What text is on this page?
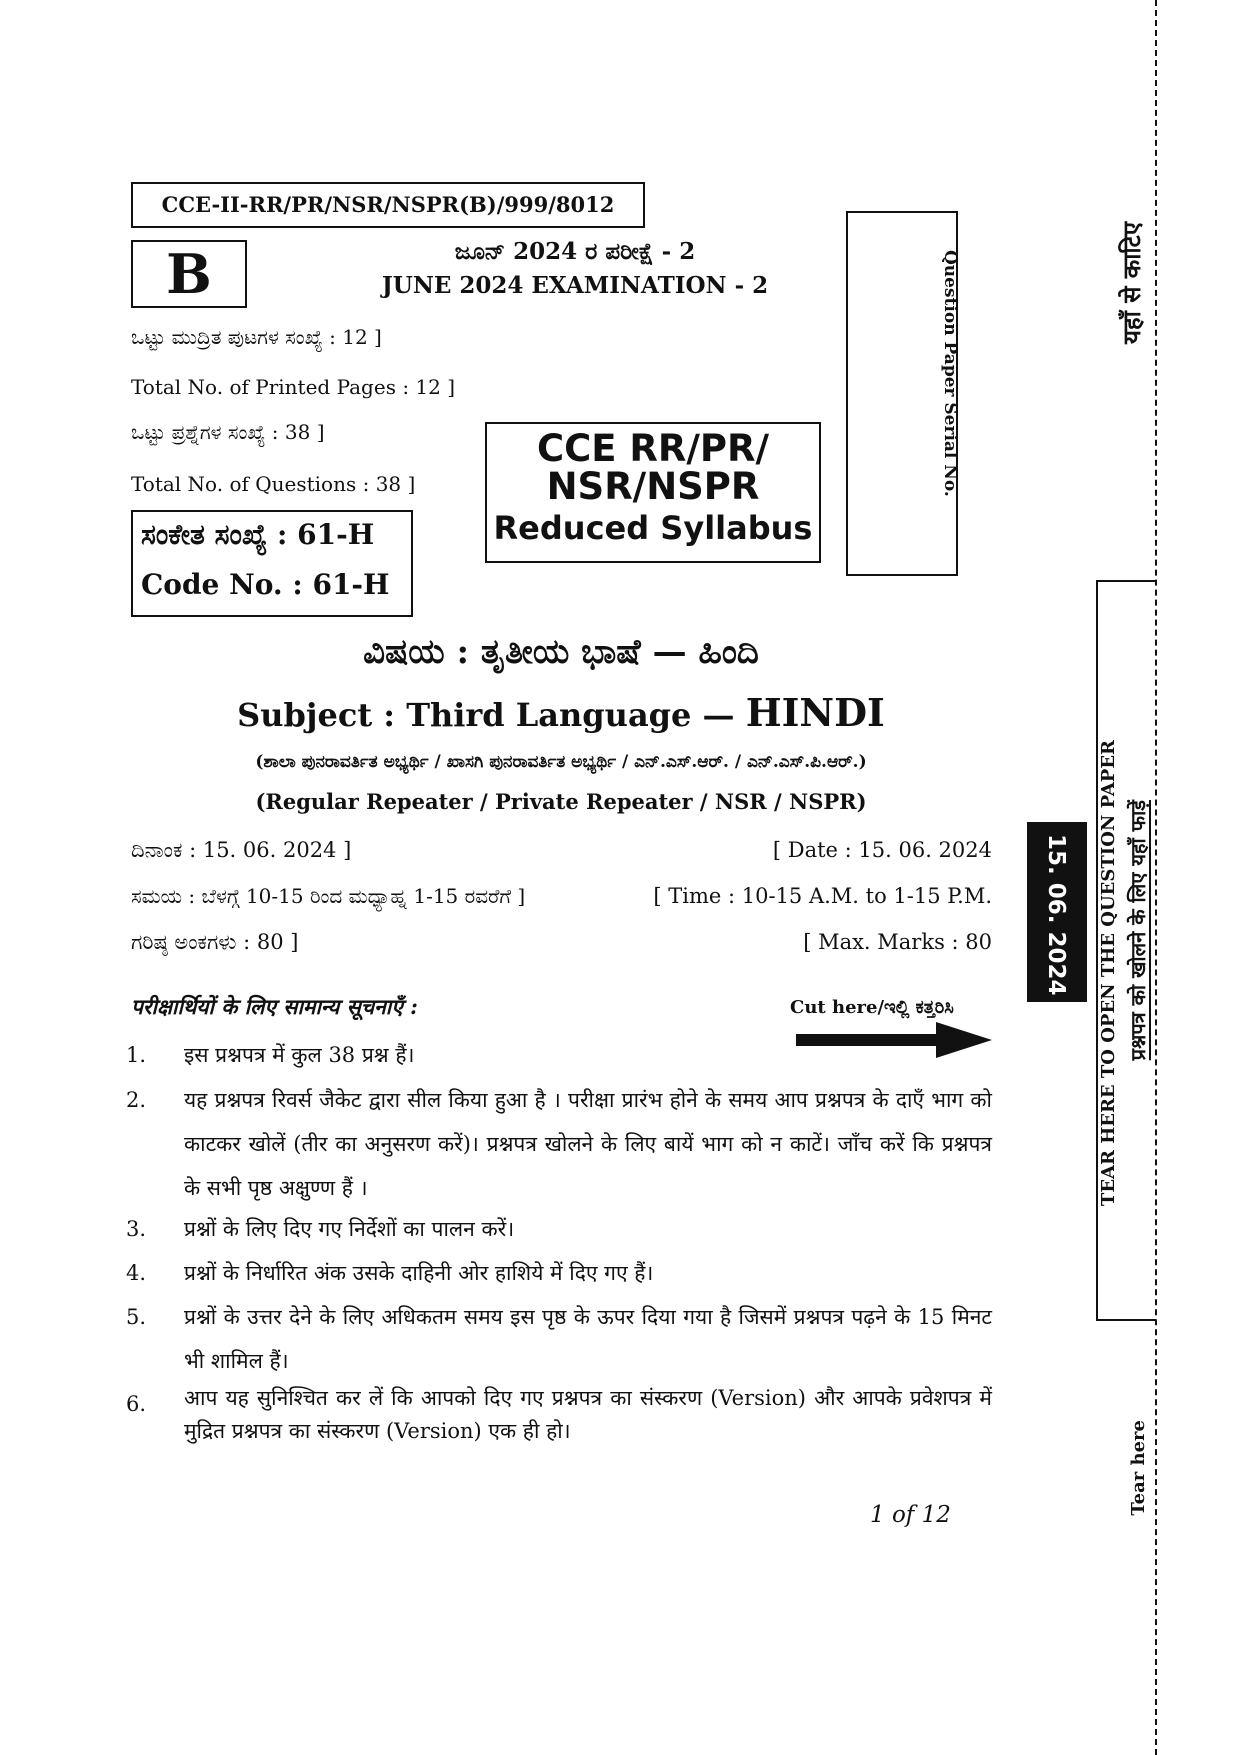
CCE-II-RR/PR/NSR/NSPR(B)/999/8012
B	ಜೂನ್ 2024 ರ ಪರೀಕ್ಷೆ - 2
JUNE 2024 EXAMINATION - 2
ಒಟ್ಟು ಮುದ್ರಿತ ಪುಟಗಳ ಸಂಖ್ಯೆ : 12 ]
Total No. of Printed Pages : 12 ]
ಒಟ್ಟು ಪ್ರಶ್ನೆಗಳ ಸಂಖ್ಯೆ : 38 ]
Total No. of Questions : 38 ]
ಸಂಕೇತ ಸಂಖ್ಯೆ : 61-H
Code No. : 61-H
CCE RR/PR/
NSR/NSPR
Reduced Syllabus
Question Paper Serial No.
ವಿಷಯ : ತೃತೀಯ ಭಾಷೆ — ಹಿಂದಿ
Subject : Third Language — HINDI
(ಶಾಲಾ ಪುನರಾವರ್ತಿತ ಅಭ್ಯರ್ಥಿ / ಖಾಸಗಿ ಪುನರಾವರ್ತಿತ ಅಭ್ಯರ್ಥಿ / ಎನ್.ಎಸ್.ಆರ್. / ಎನ್.ಎಸ್.ಪಿ.ಆರ್.)
(Regular Repeater / Private Repeater / NSR / NSPR)
ದಿನಾಂಕ : 15. 06. 2024 ]	[ Date : 15. 06. 2024
ಸಮಯ : ಬೆಳಗ್ಗೆ 10-15 ರಿಂದ ಮಧ್ಯಾಹ್ನ 1-15 ರವರೆಗೆ ]	[ Time : 10-15 A.M. to 1-15 P.M.
ಗರಿಷ್ಠ ಅಂಕಗಳು : 80 ]	[ Max. Marks : 80
परीक्षार्थियों के लिए सामान्य सूचनाएँ :	Cut here/ಇಲ್ಲಿ ಕತ್ತರಿಸಿ
1. इस प्रश्नपत्र में कुल 38 प्रश्न हैं।
2. यह प्रश्नपत्र रिवर्स जैकेट द्वारा सील किया हुआ है । परीक्षा प्रारंभ होने के समय आप प्रश्नपत्र के दाएँ भाग को काटकर खोलें (तीर का अनुसरण करें)। प्रश्नपत्र खोलने के लिए बायें भाग को न काटें। जाँच करें कि प्रश्नपत्र के सभी पृष्ठ अक्षुण्ण हैं ।
3. प्रश्नों के लिए दिए गए निर्देशों का पालन करें।
4. प्रश्नों के निर्धारित अंक उसके दाहिनी ओर हाशिये में दिए गए हैं।
5. प्रश्नों के उत्तर देने के लिए अधिकतम समय इस पृष्ठ के ऊपर दिया गया है जिसमें प्रश्नपत्र पढ़ने के 15 मिनट भी शामिल हैं।
6. आप यह सुनिश्चित कर लें कि आपको दिए गए प्रश्नपत्र का संस्करण (Version) और आपके प्रवेशपत्र में मुद्रित प्रश्नपत्र का संस्करण (Version) एक ही हो।
1 of 12
यहाँ से काटिए
TEAR HERE TO OPEN THE QUESTION PAPER प्रश्नपत्र को खोलने के लिए यहाँ फाड़ें
15. 06. 2024
Tear here
